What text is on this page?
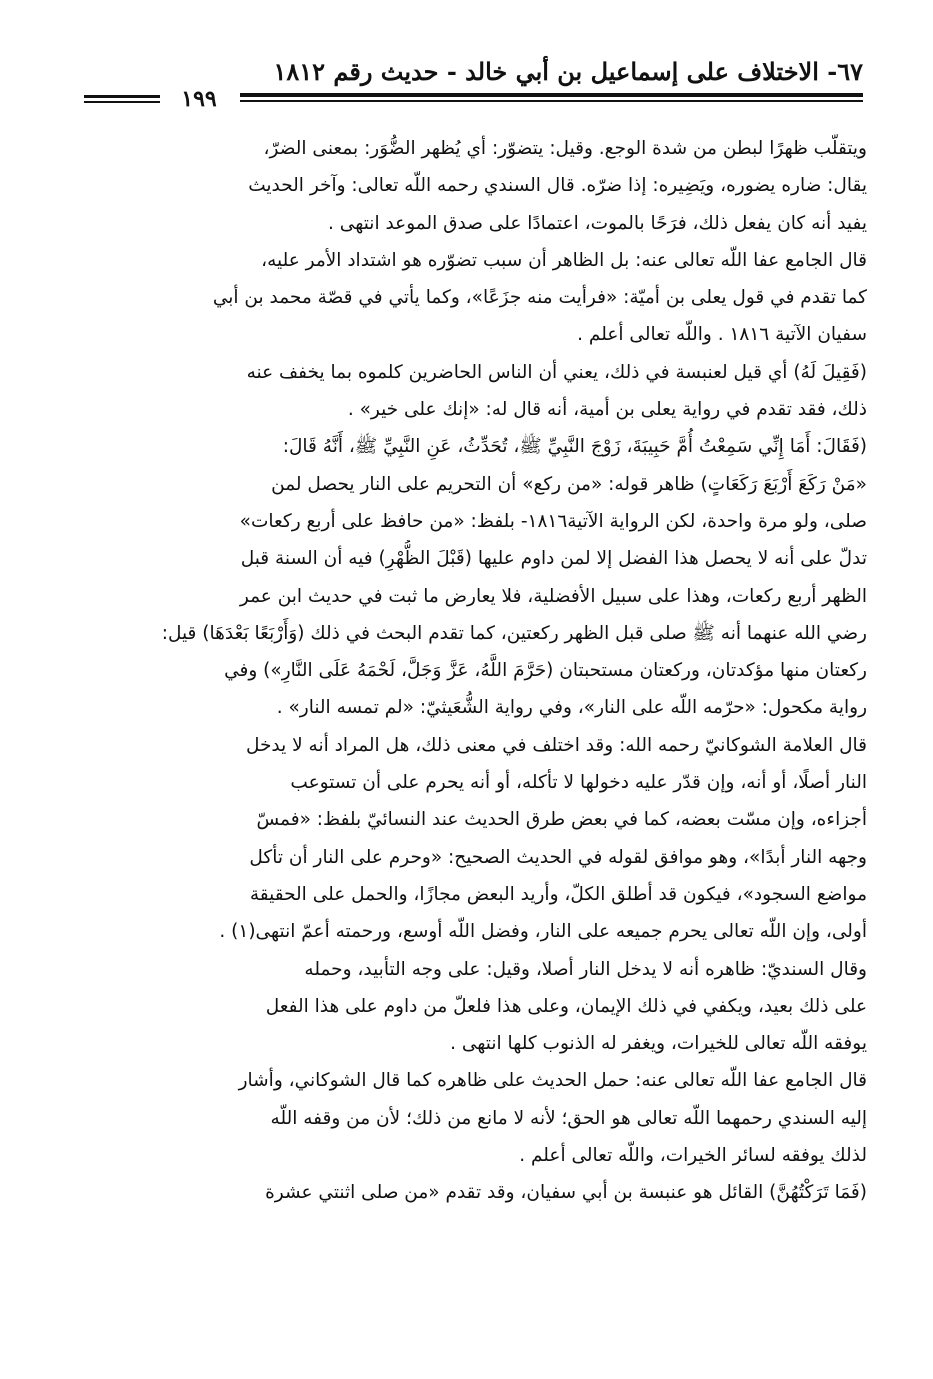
٦٧- الاختلاف على إسماعيل بن أبي خالد - حديث رقم ١٨١٢
١٩٩
ويتقلّب ظهرًا لبطن من شدة الوجع. وقيل: يتضوّر: أي يُظهر الضُّوَر: بمعنى الضرّ،
يقال: ضاره يضوره، ويَضِيره: إذا ضرّه. قال السندي رحمه اللّه تعالى: وآخر الحديث
يفيد أنه كان يفعل ذلك، فرَحًا بالموت، اعتمادًا على صدق الموعد انتهى .
قال الجامع عفا اللّه تعالى عنه: بل الظاهر أن سبب تضوّره هو اشتداد الأمر عليه،
كما تقدم في قول يعلى بن أميّة: «فرأيت منه جزَعًا»، وكما يأتي في قصّة محمد بن أبي
سفيان الآتية ١٨١٦ . واللّه تعالى أعلم .
(فَقِيلَ لَهُ) أي قيل لعنبسة في ذلك، يعني أن الناس الحاضرين كلموه بما يخفف عنه
ذلك، فقد تقدم في رواية يعلى بن أمية، أنه قال له: «إنك على خير» .
(فَقَالَ: أَمَا إِنِّي سَمِعْتُ أُمَّ حَبِيبَةَ، زَوْجَ النَّبِيِّ ﷺ، تُحَدِّثُ، عَنِ النَّبِيِّ ﷺ، أَنَّهُ قَالَ:
«مَنْ رَكَعَ أَرْبَعَ رَكَعَاتٍ) ظاهر قوله: «من ركع» أن التحريم على النار يحصل لمن
صلى، ولو مرة واحدة، لكن الرواية الآتية١٨١٦- بلفظ: «من حافظ على أربع ركعات»
تدلّ على أنه لا يحصل هذا الفضل إلا لمن داوم عليها (قَبْلَ الظُّهْرِ) فيه أن السنة قبل
الظهر أربع ركعات، وهذا على سبيل الأفضلية، فلا يعارض ما ثبت في حديث ابن عمر
رضي الله عنهما أنه ﷺ صلى قبل الظهر ركعتين، كما تقدم البحث في ذلك (وَأَرْبَعًا بَعْدَهَا) قيل:
ركعتان منها مؤكدتان، وركعتان مستحبتان (حَرَّمَ اللَّهُ، عَزَّ وَجَلَّ، لَحْمَهُ عَلَى النَّارِ») وفي
رواية مكحول: «حرّمه اللّه على النار»، وفي رواية الشُّعَيثيّ: «لم تمسه النار» .
قال العلامة الشوكانيّ رحمه الله: وقد اختلف في معنى ذلك، هل المراد أنه لا يدخل
النار أصلًا، أو أنه، وإن قدّر عليه دخولها لا تأكله، أو أنه يحرم على أن تستوعب
أجزاءه، وإن مسّت بعضه، كما في بعض طرق الحديث عند النسائيّ بلفظ: «فمسّ
وجهه النار أبدًا»، وهو موافق لقوله في الحديث الصحيح: «وحرم على النار أن تأكل
مواضع السجود»، فيكون قد أطلق الكلّ، وأريد البعض مجازًا، والحمل على الحقيقة
أولى، وإن اللّه تعالى يحرم جميعه على النار، وفضل اللّه أوسع، ورحمته أعمّ انتهى(١) .
وقال السنديّ: ظاهره أنه لا يدخل النار أصلا، وقيل: على وجه التأبيد، وحمله
على ذلك بعيد، ويكفي في ذلك الإيمان، وعلى هذا فلعلّ من داوم على هذا الفعل
يوفقه اللّه تعالى للخيرات، ويغفر له الذنوب كلها انتهى .
قال الجامع عفا اللّه تعالى عنه: حمل الحديث على ظاهره كما قال الشوكاني، وأشار
إليه السندي رحمهما اللّه تعالى هو الحق؛ لأنه لا مانع من ذلك؛ لأن من وقفه اللّه
لذلك يوفقه لسائر الخيرات، واللّه تعالى أعلم .
(فَمَا تَرَكْتُهُنَّ) القائل هو عنبسة بن أبي سفيان، وقد تقدم «من صلى اثنتي عشرة
